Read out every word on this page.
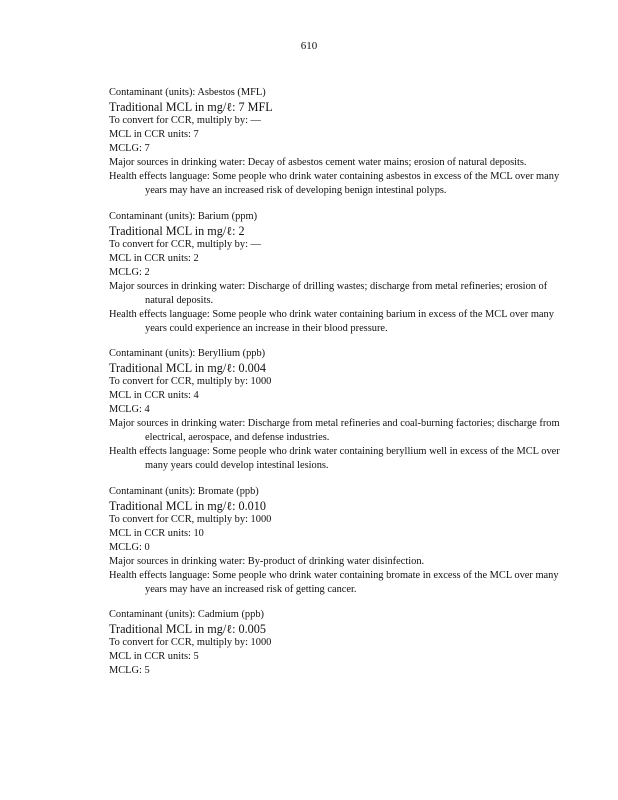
610
Contaminant (units): Asbestos (MFL)
Traditional MCL in mg/ℓ: 7 MFL
To convert for CCR, multiply by: —
MCL in CCR units: 7
MCLG: 7
Major sources in drinking water: Decay of asbestos cement water mains; erosion of natural deposits.
Health effects language: Some people who drink water containing asbestos in excess of the MCL over many years may have an increased risk of developing benign intestinal polyps.
Contaminant (units): Barium (ppm)
Traditional MCL in mg/ℓ: 2
To convert for CCR, multiply by: —
MCL in CCR units: 2
MCLG: 2
Major sources in drinking water: Discharge of drilling wastes; discharge from metal refineries; erosion of natural deposits.
Health effects language: Some people who drink water containing barium in excess of the MCL over many years could experience an increase in their blood pressure.
Contaminant (units): Beryllium (ppb)
Traditional MCL in mg/ℓ: 0.004
To convert for CCR, multiply by: 1000
MCL in CCR units: 4
MCLG: 4
Major sources in drinking water: Discharge from metal refineries and coal-burning factories; discharge from electrical, aerospace, and defense industries.
Health effects language: Some people who drink water containing beryllium well in excess of the MCL over many years could develop intestinal lesions.
Contaminant (units): Bromate (ppb)
Traditional MCL in mg/ℓ: 0.010
To convert for CCR, multiply by: 1000
MCL in CCR units: 10
MCLG: 0
Major sources in drinking water: By-product of drinking water disinfection.
Health effects language: Some people who drink water containing bromate in excess of the MCL over many years may have an increased risk of getting cancer.
Contaminant (units): Cadmium (ppb)
Traditional MCL in mg/ℓ: 0.005
To convert for CCR, multiply by: 1000
MCL in CCR units: 5
MCLG: 5
